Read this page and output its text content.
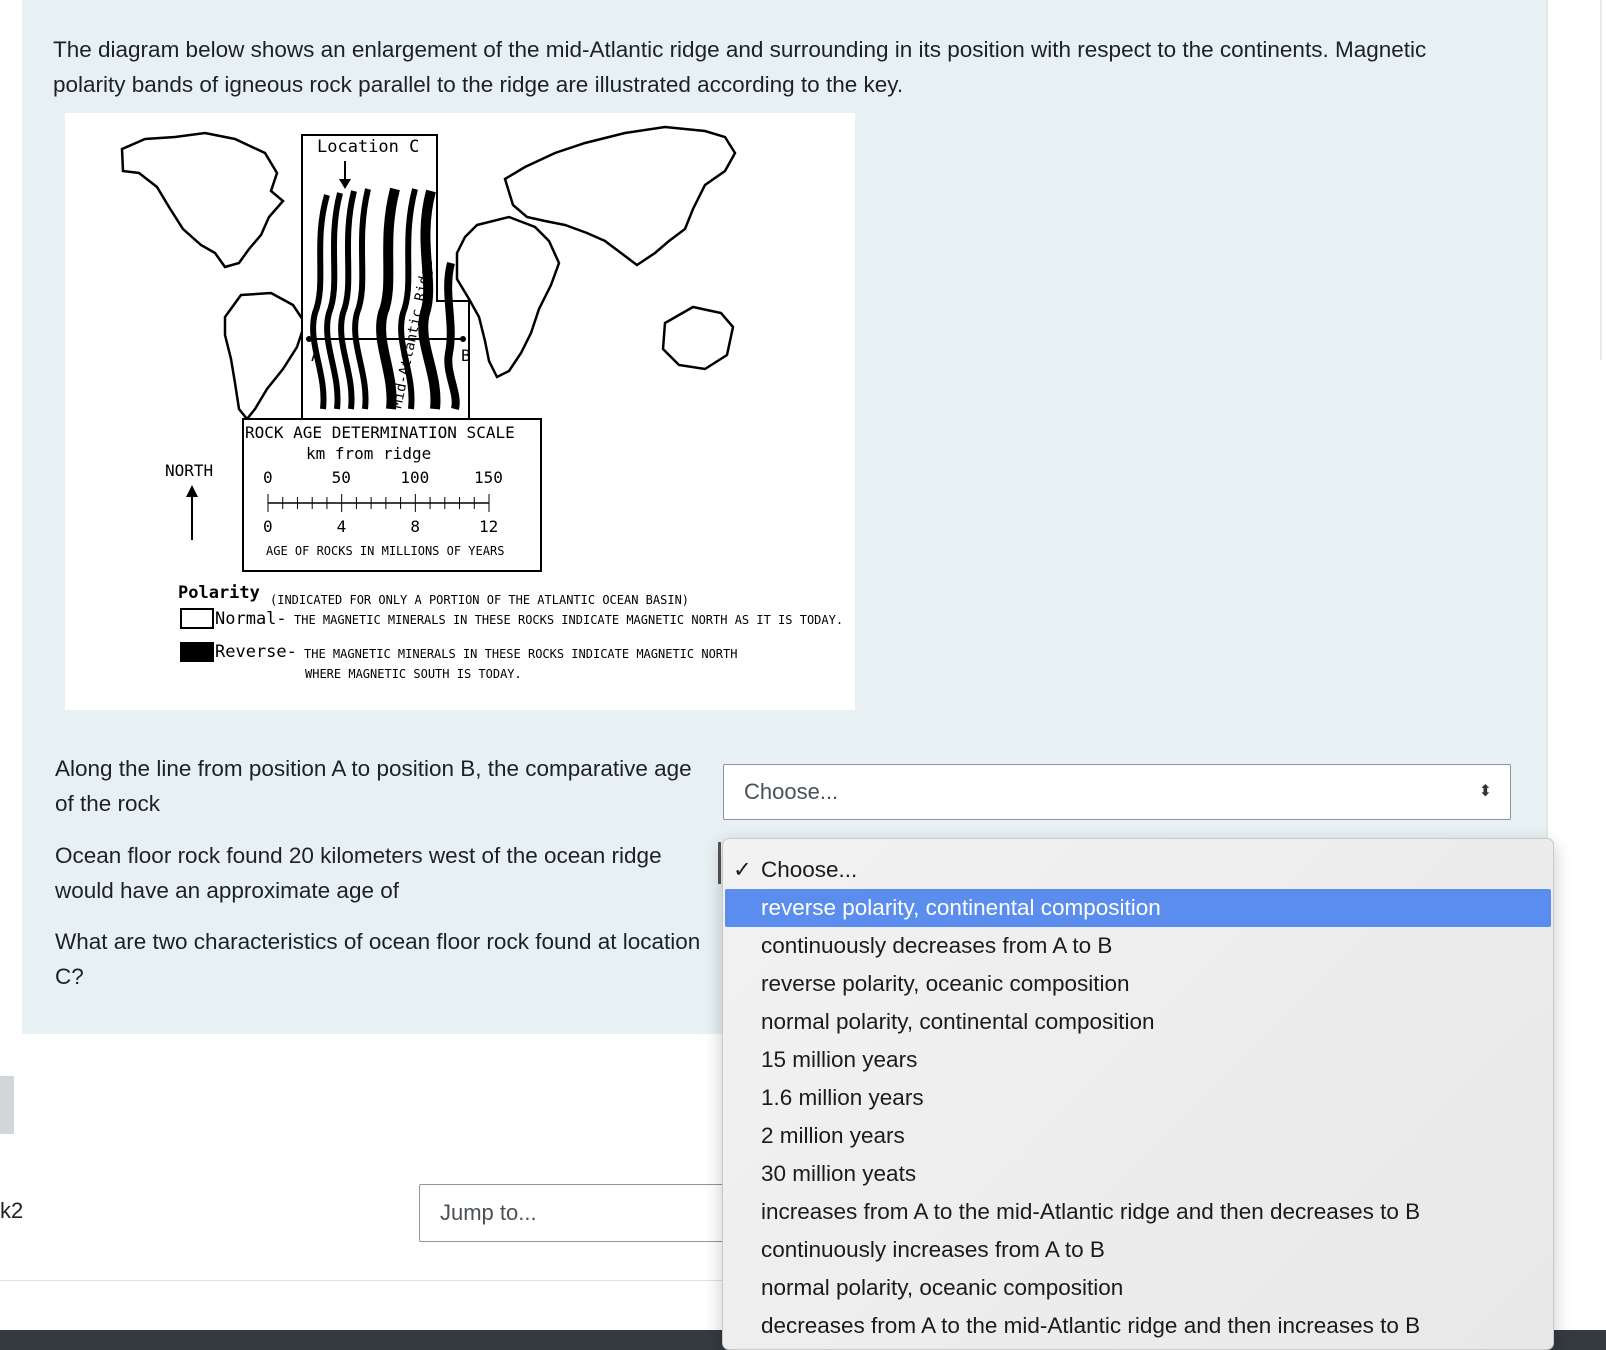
The diagram below shows an enlargement of the mid-Atlantic ridge and surrounding in its position with respect to the continents. Magnetic polarity bands of igneous rock parallel to the ridge are illustrated according to the key.

Location C
A	B
Mid-Atlantic Ridge
NORTH
ROCK AGE DETERMINATION SCALE
km from ridge
0	50	100	150
0	4	8	12
AGE OF ROCKS IN MILLIONS OF YEARS
Polarity (INDICATED FOR ONLY A PORTION OF THE ATLANTIC OCEAN BASIN)
Normal- THE MAGNETIC MINERALS IN THESE ROCKS INDICATE MAGNETIC NORTH AS IT IS TODAY.
Reverse- THE MAGNETIC MINERALS IN THESE ROCKS INDICATE MAGNETIC NORTH
WHERE MAGNETIC SOUTH IS TODAY.
Along the line from position A to position B, the comparative age of the rock
Ocean floor rock found 20 kilometers west of the ocean ridge would have an approximate age of
What are two characteristics of ocean floor rock found at location C?
Choose...	⬍
k2	Jump to...
✓ Choose...
reverse polarity, continental composition
continuously decreases from A to B
reverse polarity, oceanic composition
normal polarity, continental composition
15 million years
1.6 million years
2 million years
30 million yeats
increases from A to the mid-Atlantic ridge and then decreases to B
continuously increases from A to B
normal polarity, oceanic composition
decreases from A to the mid-Atlantic ridge and then increases to B
